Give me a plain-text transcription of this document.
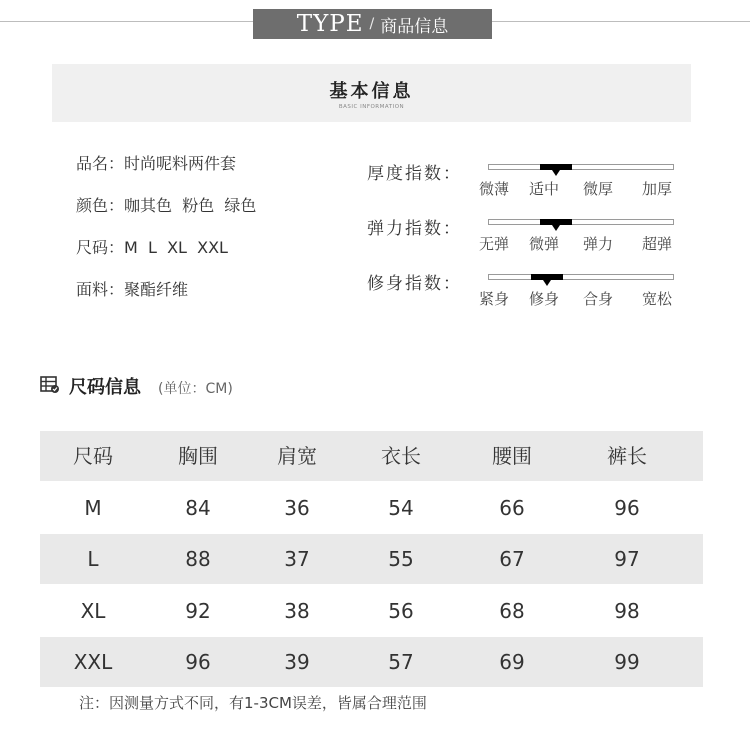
TYPE / 商品信息
基本信息
BASIC INFORMATION
品名：时尚呢料两件套
颜色：咖其色  粉色  绿色
尺码：M  L  XL  XXL
面料：聚酯纤维
厚度指数：
微薄 适中 微厚 加厚
弹力指数：
无弹 微弹 弹力 超弹
修身指数：
紧身 修身 合身 宽松
尺码信息 (单位：CM)
尺码	胸围	肩宽	衣长	腰围	裤长
M	84	36	54	66	96
L	88	37	55	67	97
XL	92	38	56	68	98
XXL	96	39	57	69	99
注：因测量方式不同，有1-3CM误差，皆属合理范围
